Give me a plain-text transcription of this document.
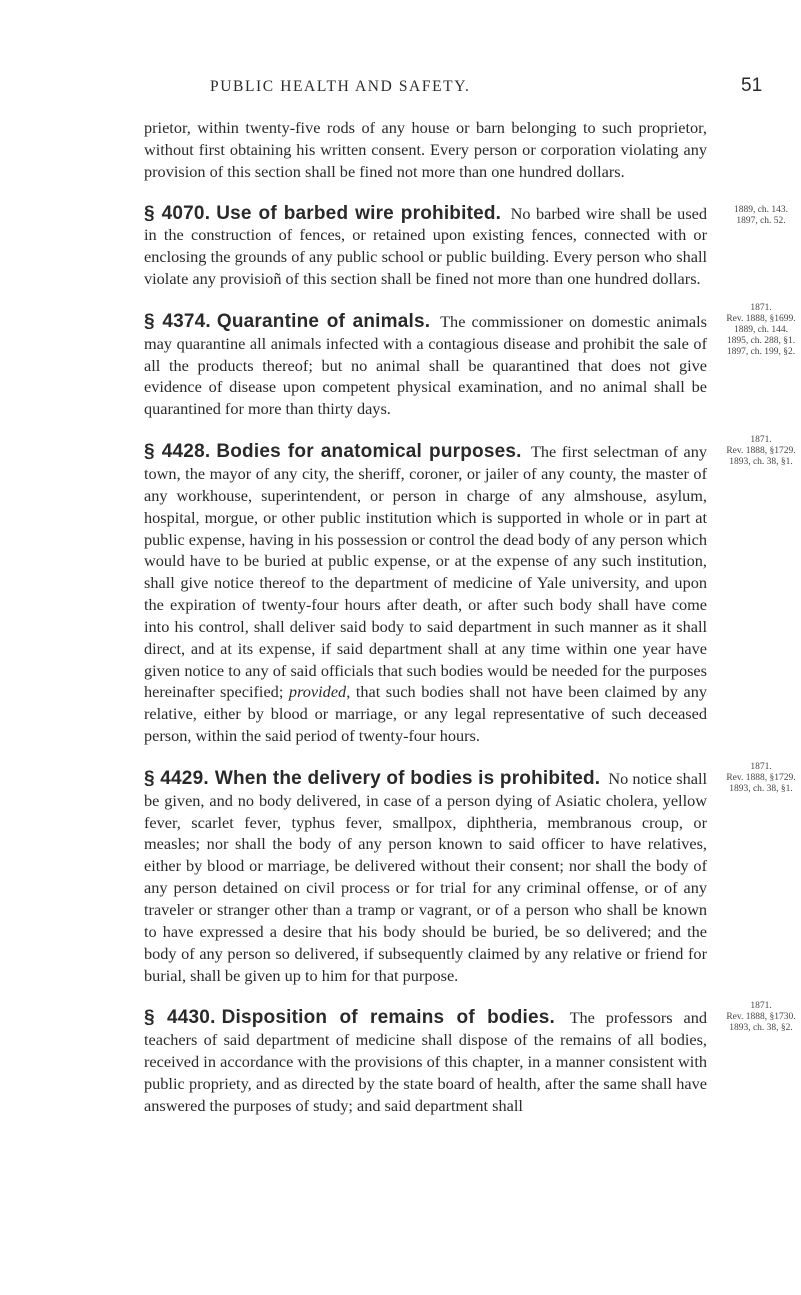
PUBLIC HEALTH AND SAFETY.	51

prietor, within twenty-five rods of any house or barn belonging to such proprietor, without first obtaining his written consent. Every person or corporation violating any provision of this section shall be fined not more than one hundred dollars.

§ 4070. Use of barbed wire prohibited. No barbed wire shall be used in the construction of fences, or retained upon existing fences, connected with or enclosing the grounds of any public school or public building. Every person who shall violate any provisioñ of this section shall be fined not more than one hundred dollars.

1889, ch. 143.
1897, ch. 52.

§ 4374. Quarantine of animals. The commissioner on domestic animals may quarantine all animals infected with a contagious disease and prohibit the sale of all the products thereof; but no animal shall be quarantined that does not give evidence of disease upon competent physical examination, and no animal shall be quarantined for more than thirty days.

1871.
Rev. 1888, §1699.
1889, ch. 144.
1895, ch. 288, §1.
1897, ch. 199, §2.

§ 4428. Bodies for anatomical purposes. The first selectman of any town, the mayor of any city, the sheriff, coroner, or jailer of any county, the master of any workhouse, superintendent, or person in charge of any almshouse, asylum, hospital, morgue, or other public institution which is supported in whole or in part at public expense, having in his possession or control the dead body of any person which would have to be buried at public expense, or at the expense of any such institution, shall give notice thereof to the department of medicine of Yale university, and upon the expiration of twenty-four hours after death, or after such body shall have come into his control, shall deliver said body to said department in such manner as it shall direct, and at its expense, if said department shall at any time within one year have given notice to any of said officials that such bodies would be needed for the purposes hereinafter specified; provided, that such bodies shall not have been claimed by any relative, either by blood or marriage, or any legal representative of such deceased person, within the said period of twenty-four hours.

1871.
Rev. 1888, §1729.
1893, ch. 38, §1.

§ 4429. When the delivery of bodies is prohibited. No notice shall be given, and no body delivered, in case of a person dying of Asiatic cholera, yellow fever, scarlet fever, typhus fever, smallpox, diphtheria, membranous croup, or measles; nor shall the body of any person known to said officer to have relatives, either by blood or marriage, be delivered without their consent; nor shall the body of any person detained on civil process or for trial for any criminal offense, or of any traveler or stranger other than a tramp or vagrant, or of a person who shall be known to have expressed a desire that his body should be buried, be so delivered; and the body of any person so delivered, if subsequently claimed by any relative or friend for burial, shall be given up to him for that purpose.

1871.
Rev. 1888, §1729.
1893, ch. 38, §1.

§ 4430. Disposition of remains of bodies. The professors and teachers of said department of medicine shall dispose of the remains of all bodies, received in accordance with the provisions of this chapter, in a manner consistent with public propriety, and as directed by the state board of health, after the same shall have answered the purposes of study; and said department shall

1871.
Rev. 1888, §1730.
1893, ch. 38, §2.
